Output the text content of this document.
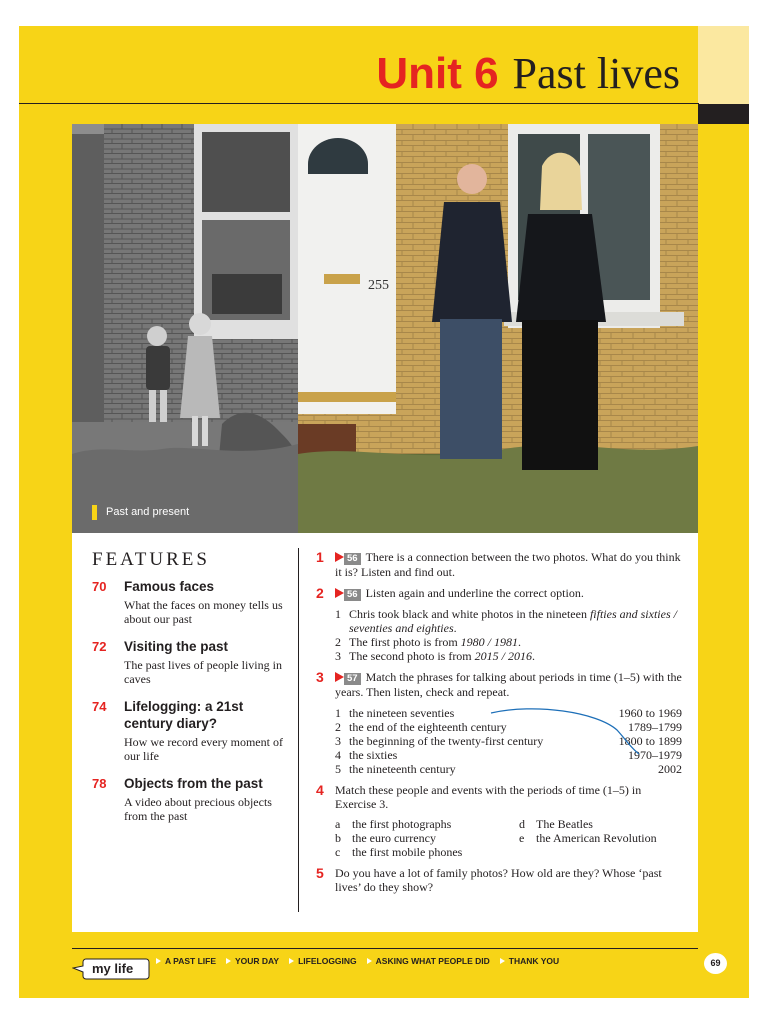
Unit 6 Past lives
255
Past and present
FEATURES
70	Famous faces
What the faces on money tells us about our past
72	Visiting the past
The past lives of people living in caves
74	Lifelogging: a 21st century diary?
How we record every moment of our life
78	Objects from the past
A video about precious objects from the past
1	56 There is a connection between the two photos. What do you think it is? Listen and find out.
2	56 Listen again and underline the correct option.
1 Chris took black and white photos in the nineteen fifties and sixties / seventies and eighties.
2 The first photo is from 1980 / 1981.
3 The second photo is from 2015 / 2016.
3	57 Match the phrases for talking about periods in time (1–5) with the years. Then listen, check and repeat.
1 the nineteen seventies	1960 to 1969
2 the end of the eighteenth century	1789–1799
3 the beginning of the twenty-first century	1800 to 1899
4 the sixties	1970–1979
5 the nineteenth century	2002
4 Match these people and events with the periods of time (1–5) in Exercise 3.
a the first photographs	d The Beatles
b the euro currency	e the American Revolution
c the first mobile phones
5 Do you have a lot of family photos? How old are they? Whose ‘past lives’ do they show?
my life	A PAST LIFE YOUR DAY LIFELOGGING ASKING WHAT PEOPLE DID THANK YOU	69
